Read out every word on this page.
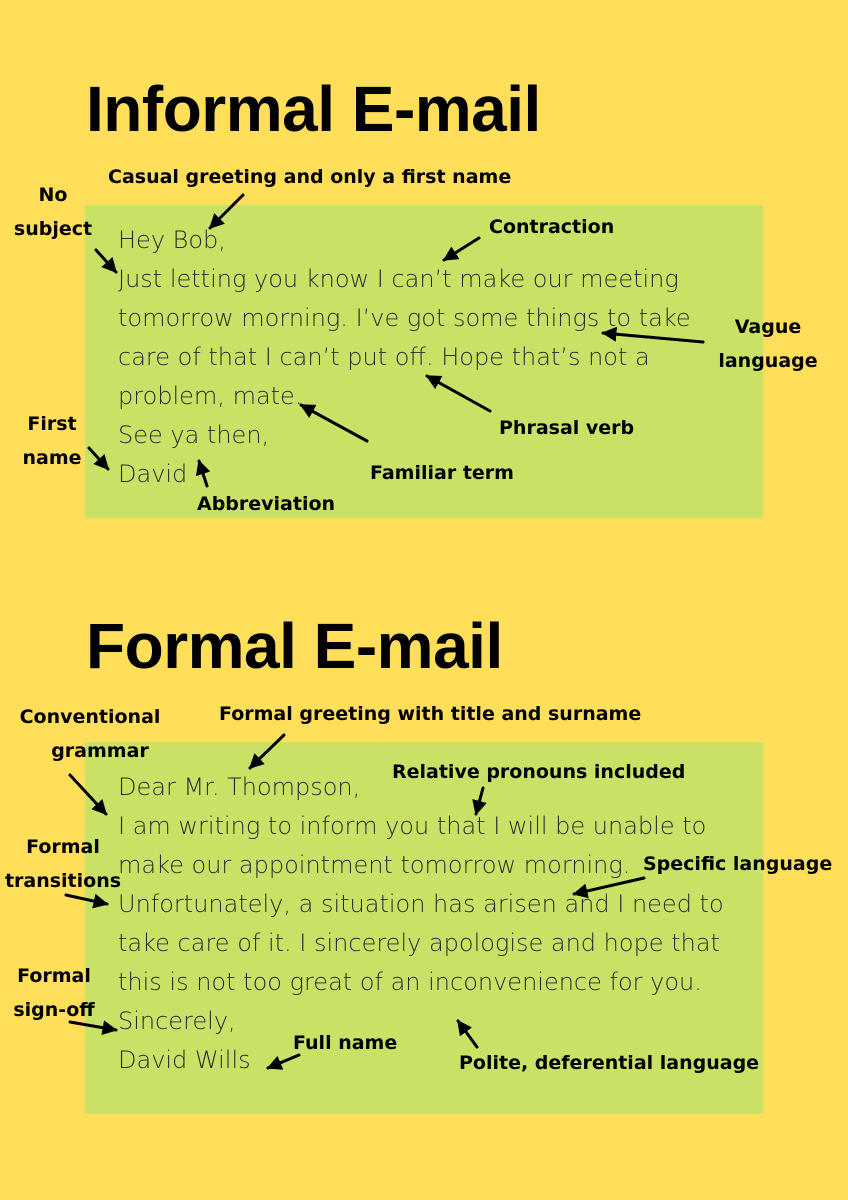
Informal E-mail
Hey Bob,
Just letting you know I can’t make our meeting
tomorrow morning. I’ve got some things to take
care of that I can’t put off. Hope that’s not a
problem, mate.
See ya then,
David
Casual greeting and only a first name
No
subject	Contraction
Vague
language
Phrasal verb
First
name
Familiar term
Abbreviation
Formal E-mail
Dear Mr. Thompson,
I am writing to inform you that I will be unable to
make our appointment tomorrow morning.
Unfortunately, a situation has arisen and I need to
take care of it. I sincerely apologise and hope that
this is not too great of an inconvenience for you.
Sincerely,
David Wills
Conventional
grammar
Formal greeting with title and surname
Relative pronouns included
Formal
transitions
Specific language
Formal
sign-off
Full name
Polite, deferential language
